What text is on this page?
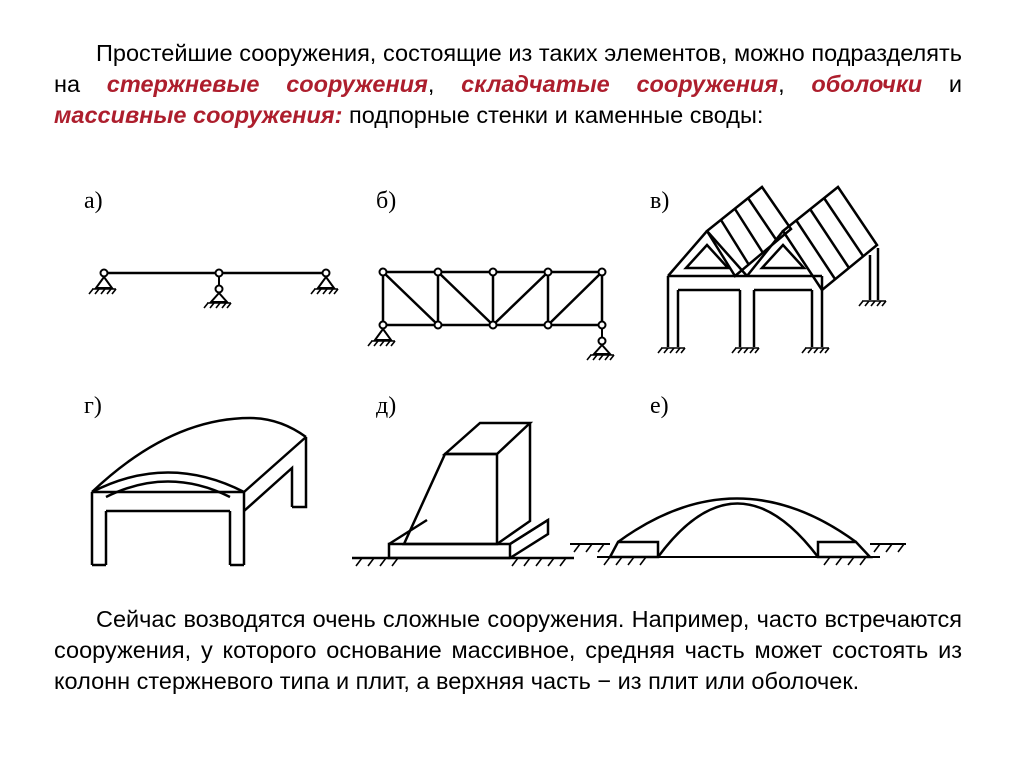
Простейшие сооружения, состоящие из таких элементов, можно подразделять на стержневые сооружения, складчатые сооружения, оболочки и массивные сооружения: подпорные стенки и каменные своды:

а)	б)	в)
г)	д)	е)

Сейчас возводятся очень сложные сооружения. Например, часто встречаются сооружения, у которого основание массивное, средняя часть может состоять из колонн стержневого типа и плит, а верхняя часть − из плит или оболочек.
